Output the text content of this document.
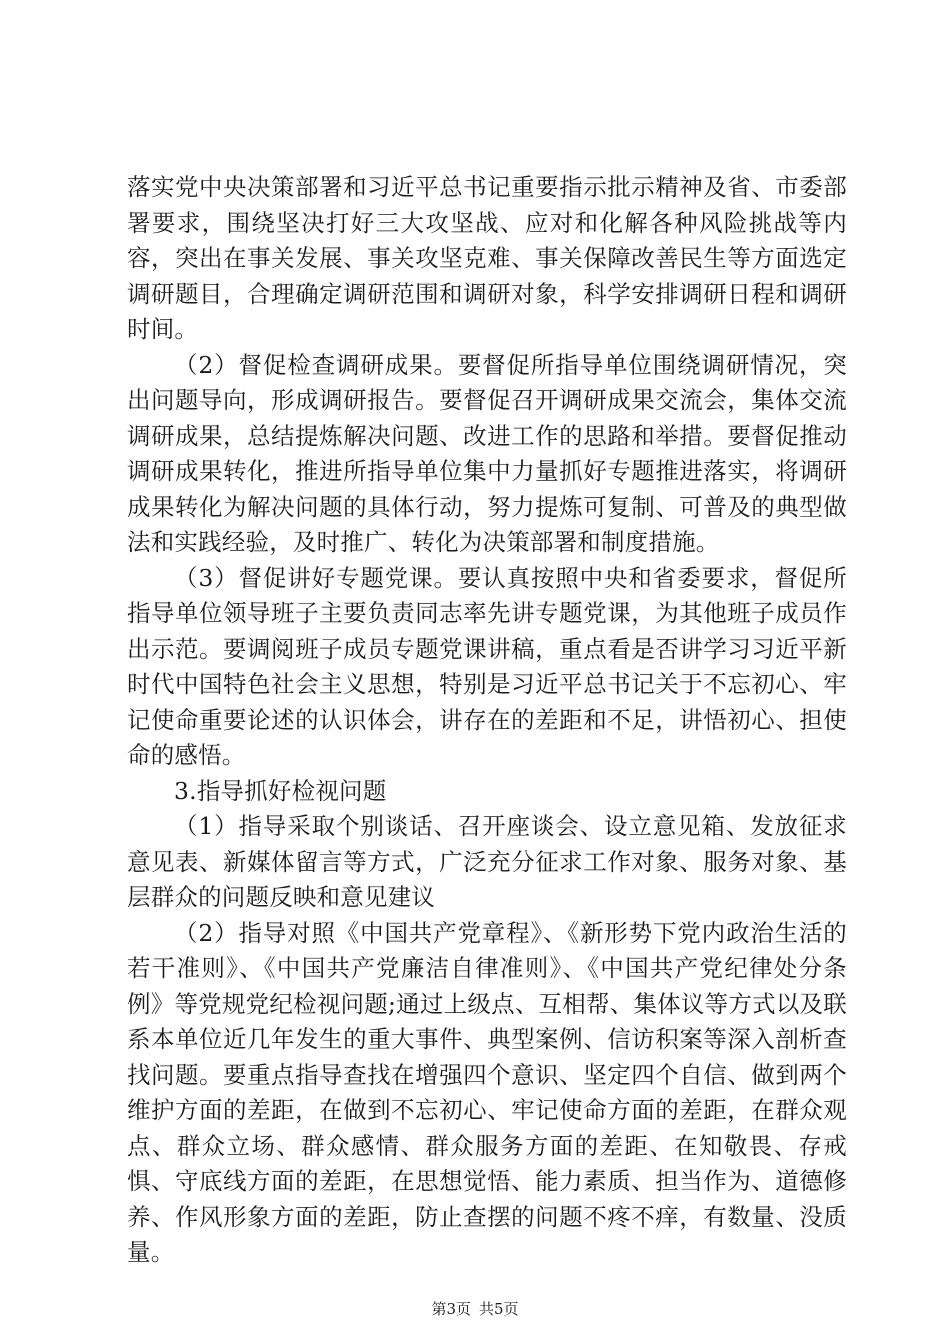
落实党中央决策部署和习近平总书记重要指示批示精神及省、市委部署要求，围绕坚决打好三大攻坚战、应对和化解各种风险挑战等内容，突出在事关发展、事关攻坚克难、事关保障改善民生等方面选定调研题目，合理确定调研范围和调研对象，科学安排调研日程和调研时间。

（2）督促检查调研成果。要督促所指导单位围绕调研情况，突出问题导向，形成调研报告。要督促召开调研成果交流会，集体交流调研成果，总结提炼解决问题、改进工作的思路和举措。要督促推动调研成果转化，推进所指导单位集中力量抓好专题推进落实，将调研成果转化为解决问题的具体行动，努力提炼可复制、可普及的典型做法和实践经验，及时推广、转化为决策部署和制度措施。

（3）督促讲好专题党课。要认真按照中央和省委要求，督促所指导单位领导班子主要负责同志率先讲专题党课，为其他班子成员作出示范。要调阅班子成员专题党课讲稿，重点看是否讲学习习近平新时代中国特色社会主义思想，特别是习近平总书记关于不忘初心、牢记使命重要论述的认识体会，讲存在的差距和不足，讲悟初心、担使命的感悟。

3.指导抓好检视问题

（1）指导采取个别谈话、召开座谈会、设立意见箱、发放征求意见表、新媒体留言等方式，广泛充分征求工作对象、服务对象、基层群众的问题反映和意见建议

（2）指导对照《中国共产党章程》、《新形势下党内政治生活的若干准则》、《中国共产党廉洁自律准则》、《中国共产党纪律处分条例》等党规党纪检视问题;通过上级点、互相帮、集体议等方式以及联系本单位近几年发生的重大事件、典型案例、信访积案等深入剖析查找问题。要重点指导查找在增强四个意识、坚定四个自信、做到两个维护方面的差距，在做到不忘初心、牢记使命方面的差距，在群众观点、群众立场、群众感情、群众服务方面的差距、在知敬畏、存戒惧、守底线方面的差距，在思想觉悟、能力素质、担当作为、道德修养、作风形象方面的差距，防止查摆的问题不疼不痒，有数量、没质量。

第3页 共5页
